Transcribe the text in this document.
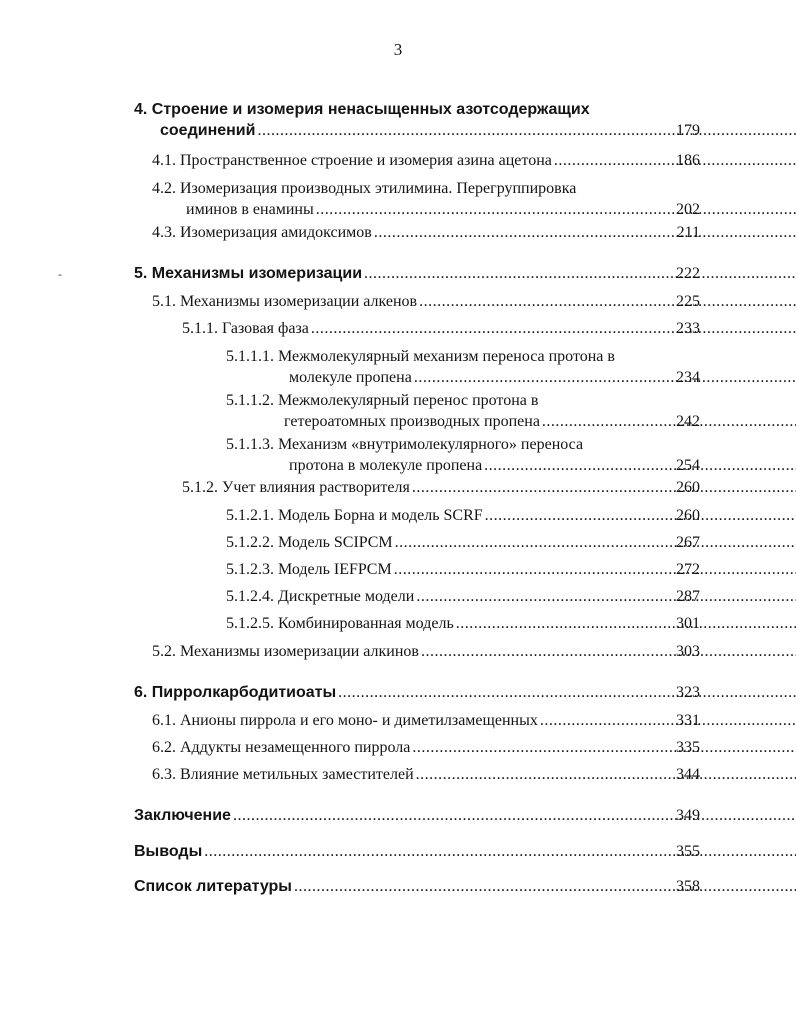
3
-
4. Строение и изомерия ненасыщенных азотсодержащих
соединений .....	179
4.1. Пространственное строение и изомерия азина ацетона .....	186
4.2. Изомеризация производных этилимина. Перегруппировка
иминов в енамины .....	202
4.3. Изомеризация амидоксимов .....	211
5. Механизмы изомеризации .....	222
5.1. Механизмы изомеризации алкенов .....	225
5.1.1. Газовая фаза .....	233
5.1.1.1. Межмолекулярный механизм переноса протона в
молекуле пропена .....	234
5.1.1.2. Межмолекулярный перенос протона в
гетероатомных производных пропена .....	242
5.1.1.3. Механизм «внутримолекулярного» переноса
протона в молекуле пропена .....	254
5.1.2. Учет влияния растворителя .....	260
5.1.2.1. Модель Борна и модель SCRF .....	260
5.1.2.2. Модель SCIPCM .....	267
5.1.2.3. Модель IEFPCM .....	272
5.1.2.4. Дискретные модели .....	287
5.1.2.5. Комбинированная модель .....	301
5.2. Механизмы изомеризации алкинов .....	303
6. Пирролкарбодитиоаты .....	323
6.1. Анионы пиррола и его моно- и диметилзамещенных .....	331
6.2. Аддукты незамещенного пиррола .....	335
6.3. Влияние метильных заместителей .....	344
Заключение .....	349
Выводы .....	355
Список литературы .....	358
